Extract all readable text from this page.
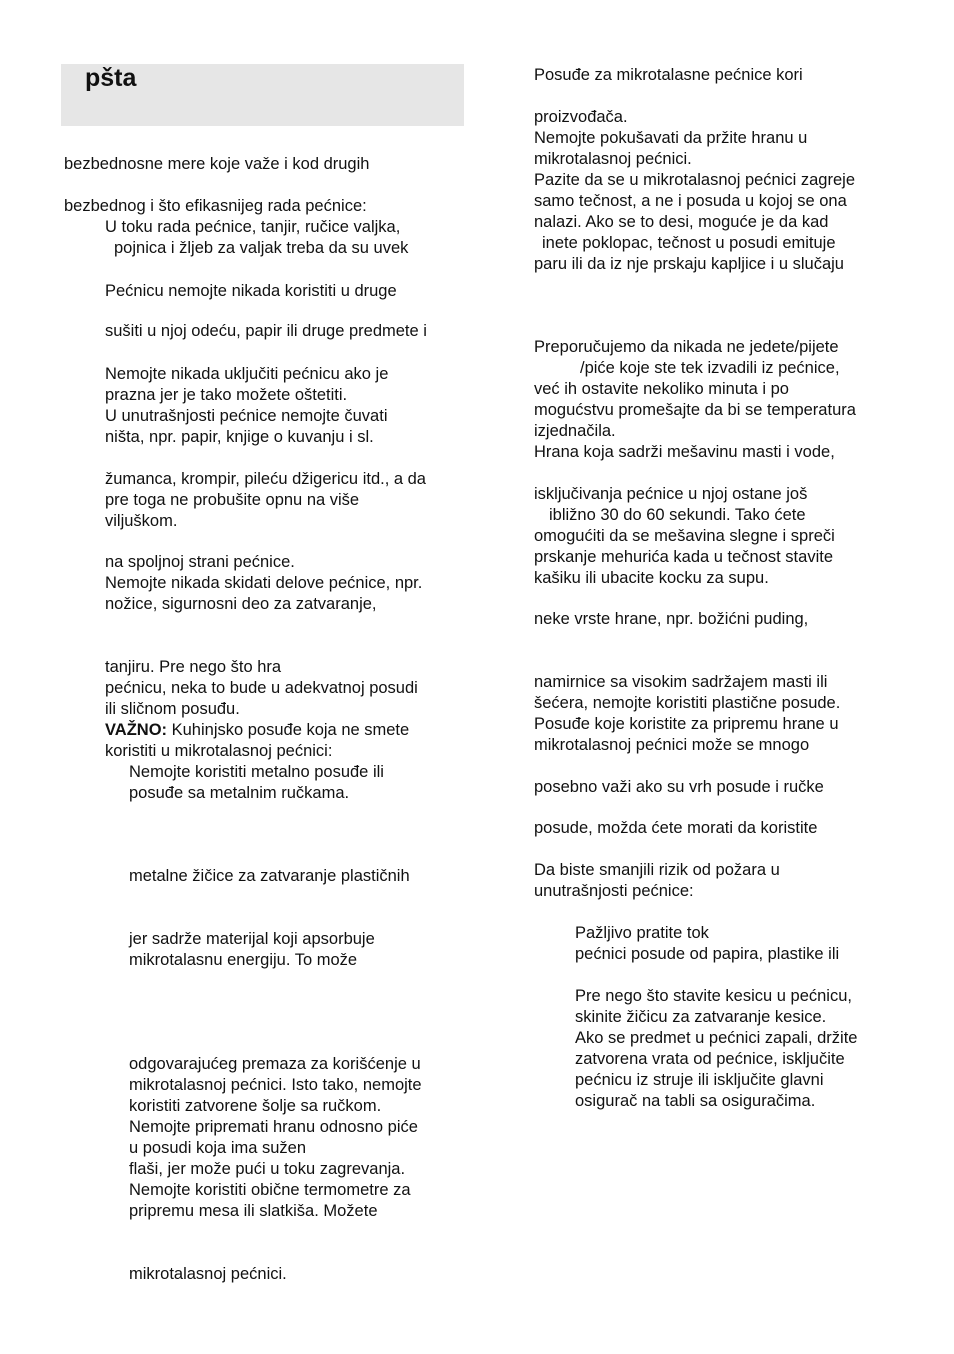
pšta
bezbednosne mere koje važe i kod drugih
bezbednog i što efikasnijeg rada pećnice:
U toku rada pećnice, tanjir, ručice valjka,
pojnica i žljeb za valjak treba da su uvek
Pećnicu nemojte nikada koristiti u druge
sušiti u njoj odeću, papir ili druge predmete i
Nemojte nikada uključiti pećnicu ako je
prazna jer je tako možete oštetiti.
U unutrašnjosti pećnice nemojte čuvati
ništa, npr. papir, knjige o kuvanju i sl.
žumanca, krompir, pileću džigericu itd., a da
pre toga ne probušite opnu na više
viljuškom.
na spoljnoj strani pećnice.
Nemojte nikada skidati delove pećnice, npr.
nožice, sigurnosni deo za zatvaranje,
tanjiru. Pre nego što hra
pećnicu, neka to bude u adekvatnoj posudi
ili sličnom posuđu.
VAŽNO: Kuhinjsko posuđe koja ne smete
koristiti u mikrotalasnoj pećnici:
Nemojte koristiti metalno posuđe ili
posuđe sa metalnim ručkama.
metalne žičice za zatvaranje plastičnih
jer sadrže materijal koji apsorbuje
mikrotalasnu energiju. To može
odgovarajućeg premaza za korišćenje u
mikrotalasnoj pećnici. Isto tako, nemojte
koristiti zatvorene šolje sa ručkom.
Nemojte pripremati hranu odnosno piće
u posudi koja ima sužen
flaši, jer može pući u toku zagrevanja.
Nemojte koristiti obične termometre za
pripremu mesa ili slatkiša. Možete
mikrotalasnoj pećnici.
Posuđe za mikrotalasne pećnice kori
proizvođača.
Nemojte pokušavati da pržite hranu u
mikrotalasnoj pećnici.
Pazite da se u mikrotalasnoj pećnici zagreje
samo tečnost, a ne i posuda u kojoj se ona
nalazi. Ako se to desi, moguće je da kad
inete poklopac, tečnost u posudi emituje
paru ili da iz nje prskaju kapljice i u slučaju
Preporučujemo da nikada ne jedete/pijete
/piće koje ste tek izvadili iz pećnice,
već ih ostavite nekoliko minuta i po
mogućstvu promešajte da bi se temperatura
izjednačila.
Hrana koja sadrži mešavinu masti i vode,
isključivanja pećnice u njoj ostane još
ibližno 30 do 60 sekundi. Tako ćete
omogućiti da se mešavina slegne i spreči
prskanje mehurića kada u tečnost stavite
kašiku ili ubacite kocku za supu.
neke vrste hrane, npr. božićni puding,
namirnice sa visokim sadržajem masti ili
šećera, nemojte koristiti plastične posude.
Posuđe koje koristite za pripremu hrane u
mikrotalasnoj pećnici može se mnogo
posebno važi ako su vrh posude i ručke
posude, možda ćete morati da koristite
Da biste smanjili rizik od požara u
unutrašnjosti pećnice:
Pažljivo pratite tok
pećnici posude od papira, plastike ili
Pre nego što stavite kesicu u pećnicu,
skinite žičicu za zatvaranje kesice.
Ako se predmet u pećnici zapali, držite
zatvorena vrata od pećnice, isključite
pećnicu iz struje ili isključite glavni
osigurač na tabli sa osiguračima.
